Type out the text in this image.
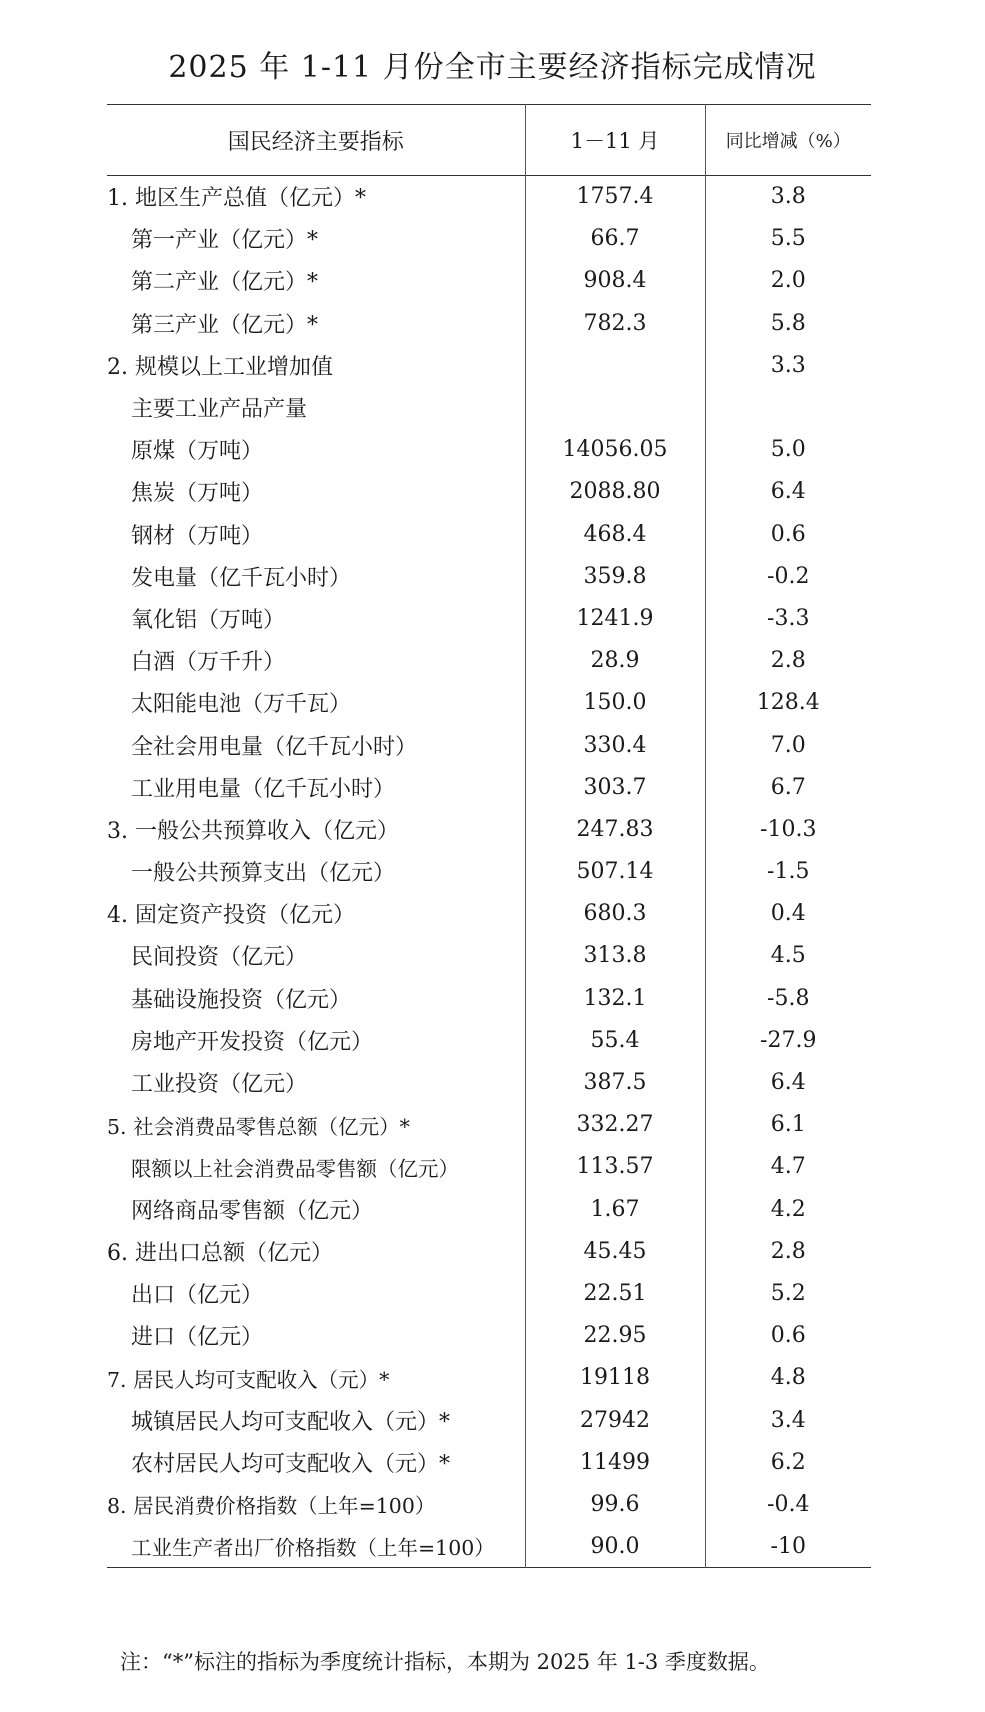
2025 年 1-11 月份全市主要经济指标完成情况
国民经济主要指标	1－11 月	同比增减（%）
1. 地区生产总值（亿元）*	1757.4	3.8
第一产业（亿元）*	66.7	5.5
第二产业（亿元）*	908.4	2.0
第三产业（亿元）*	782.3	5.8
2. 规模以上工业增加值		3.3
主要工业产品产量		
原煤（万吨）	14056.05	5.0
焦炭（万吨）	2088.80	6.4
钢材（万吨）	468.4	0.6
发电量（亿千瓦小时）	359.8	-0.2
氧化铝（万吨）	1241.9	-3.3
白酒（万千升）	28.9	2.8
太阳能电池（万千瓦）	150.0	128.4
全社会用电量（亿千瓦小时）	330.4	7.0
工业用电量（亿千瓦小时）	303.7	6.7
3. 一般公共预算收入（亿元）	247.83	-10.3
一般公共预算支出（亿元）	507.14	-1.5
4. 固定资产投资（亿元）	680.3	0.4
民间投资（亿元）	313.8	4.5
基础设施投资（亿元）	132.1	-5.8
房地产开发投资（亿元）	55.4	-27.9
工业投资（亿元）	387.5	6.4
5. 社会消费品零售总额（亿元）*	332.27	6.1
限额以上社会消费品零售额（亿元）	113.57	4.7
网络商品零售额（亿元）	1.67	4.2
6. 进出口总额（亿元）	45.45	2.8
出口（亿元）	22.51	5.2
进口（亿元）	22.95	0.6
7. 居民人均可支配收入（元）*	19118	4.8
城镇居民人均可支配收入（元）*	27942	3.4
农村居民人均可支配收入（元）*	11499	6.2
8. 居民消费价格指数（上年=100）	99.6	-0.4
工业生产者出厂价格指数（上年=100）	90.0	-10
注：“*”标注的指标为季度统计指标，本期为 2025 年 1-3 季度数据。
